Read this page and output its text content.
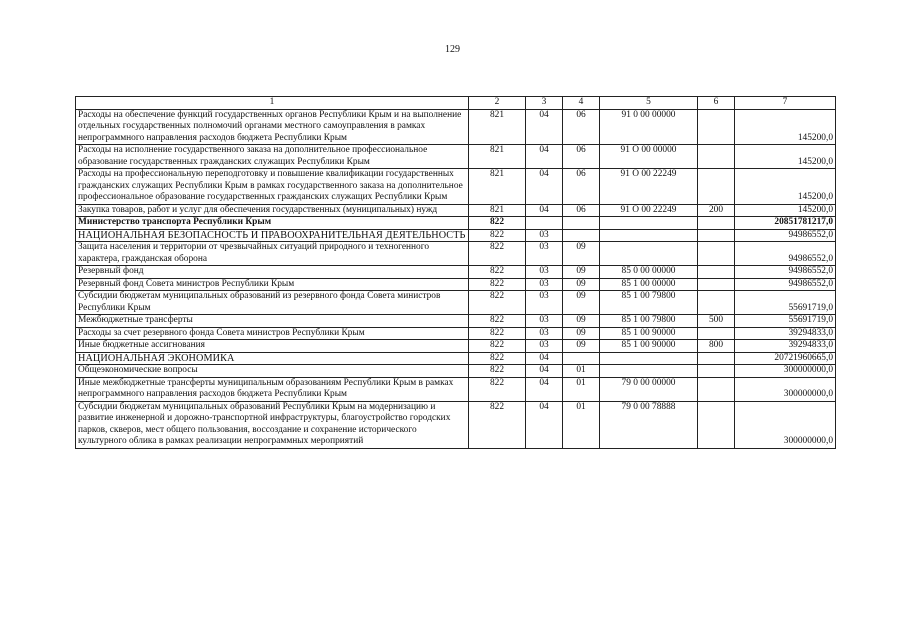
129
1	2	3	4	5	6	7
Расходы на обеспечение функций государственных органов Республики Крым и на выполнение отдельных государственных полномочий органами местного самоуправления в рамках непрограммного направления расходов бюджета Республики Крым	821	04	06	91 0 00 00000		145200,0
Расходы на исполнение государственного заказа на дополнительное профессиональное образование государственных гражданских служащих Республики Крым	821	04	06	91 О 00 00000		145200,0
Расходы на профессиональную переподготовку и повышение квалификации государственных гражданских служащих Республики Крым в рамках государственного заказа на дополнительное профессиональное образование государственных гражданских служащих Республики Крым	821	04	06	91 О 00 22249		145200,0
Закупка товаров, работ и услуг для обеспечения государственных (муниципальных) нужд	821	04	06	91 О 00 22249	200	145200,0
Министерство транспорта Республики Крым	822					20851781217,0
НАЦИОНАЛЬНАЯ БЕЗОПАСНОСТЬ И ПРАВООХРАНИТЕЛЬНАЯ ДЕЯТЕЛЬНОСТЬ	822	03				94986552,0
Защита населения и территории от чрезвычайных ситуаций природного и техногенного характера, гражданская оборона	822	03	09			94986552,0
Резервный фонд	822	03	09	85 0 00 00000		94986552,0
Резервный фонд Совета министров Республики Крым	822	03	09	85 1 00 00000		94986552,0
Субсидии бюджетам муниципальных образований из резервного фонда Совета министров Республики Крым	822	03	09	85 1 00 79800		55691719,0
Межбюджетные трансферты	822	03	09	85 1 00 79800	500	55691719,0
Расходы за счет резервного фонда Совета министров Республики Крым	822	03	09	85 1 00 90000		39294833,0
Иные бюджетные ассигнования	822	03	09	85 1 00 90000	800	39294833,0
НАЦИОНАЛЬНАЯ ЭКОНОМИКА	822	04				20721960665,0
Общеэкономические вопросы	822	04	01			300000000,0
Иные межбюджетные трансферты муниципальным образованиям Республики Крым в рамках непрограммного направления расходов бюджета Республики Крым	822	04	01	79 0 00 00000		300000000,0
Субсидии бюджетам муниципальных образований Республики Крым на модернизацию и развитие инженерной и дорожно-транспортной инфраструктуры, благоустройство городских парков, скверов, мест общего пользования, воссоздание и сохранение исторического культурного облика в рамках реализации непрограммных мероприятий	822	04	01	79 0 00 78888		300000000,0
